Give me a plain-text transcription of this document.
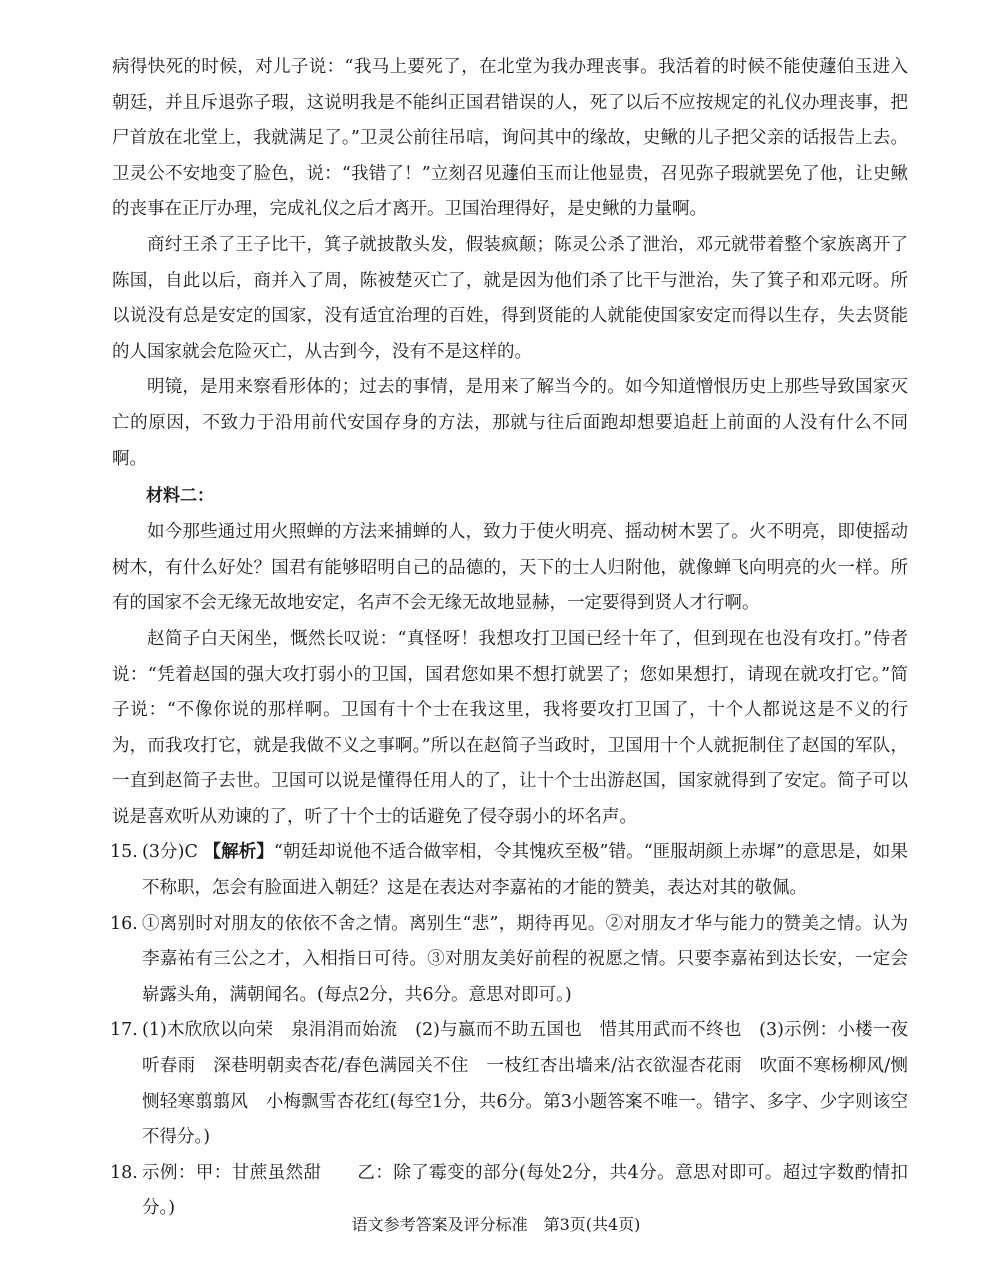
病得快死的时候，对儿子说：“我马上要死了，在北堂为我办理丧事。我活着的时候不能使蘧伯玉进入朝廷，并且斥退弥子瑕，这说明我是不能纠正国君错误的人，死了以后不应按规定的礼仪办理丧事，把尸首放在北堂上，我就满足了。”卫灵公前往吊唁，询问其中的缘故，史鳅的儿子把父亲的话报告上去。卫灵公不安地变了脸色，说：“我错了！”立刻召见蘧伯玉而让他显贵，召见弥子瑕就罢免了他，让史鳅的丧事在正厅办理，完成礼仪之后才离开。卫国治理得好，是史鳅的力量啊。

商纣王杀了王子比干，箕子就披散头发，假装疯颠；陈灵公杀了泄治，邓元就带着整个家族离开了陈国，自此以后，商并入了周，陈被楚灭亡了，就是因为他们杀了比干与泄治，失了箕子和邓元呀。所以说没有总是安定的国家，没有适宜治理的百姓，得到贤能的人就能使国家安定而得以生存，失去贤能的人国家就会危险灭亡，从古到今，没有不是这样的。

明镜，是用来察看形体的；过去的事情，是用来了解当今的。如今知道憎恨历史上那些导致国家灭亡的原因，不致力于沿用前代安国存身的方法，那就与往后面跑却想要追赶上前面的人没有什么不同啊。

材料二：

如今那些通过用火照蝉的方法来捕蝉的人，致力于使火明亮、摇动树木罢了。火不明亮，即使摇动树木，有什么好处？国君有能够昭明自己的品德的，天下的士人归附他，就像蝉飞向明亮的火一样。所有的国家不会无缘无故地安定，名声不会无缘无故地显赫，一定要得到贤人才行啊。

赵简子白天闲坐，慨然长叹说：“真怪呀！我想攻打卫国已经十年了，但到现在也没有攻打。”侍者说：“凭着赵国的强大攻打弱小的卫国，国君您如果不想打就罢了；您如果想打，请现在就攻打它。”简子说：“不像你说的那样啊。卫国有十个士在我这里，我将要攻打卫国了，十个人都说这是不义的行为，而我攻打它，就是我做不义之事啊。”所以在赵简子当政时，卫国用十个人就扼制住了赵国的军队，一直到赵简子去世。卫国可以说是懂得任用人的了，让十个士出游赵国，国家就得到了安定。简子可以说是喜欢听从劝谏的了，听了十个士的话避免了侵夺弱小的坏名声。

15. (3分)C 【解析】“朝廷却说他不适合做宰相，令其愧疚至极”错。“匪服胡颜上赤墀”的意思是，如果不称职，怎会有脸面进入朝廷？这是在表达对李嘉祐的才能的赞美，表达对其的敬佩。
16. ①离别时对朋友的依依不舍之情。离别生“悲”，期待再见。②对朋友才华与能力的赞美之情。认为李嘉祐有三公之才，入相指日可待。③对朋友美好前程的祝愿之情。只要李嘉祐到达长安，一定会崭露头角，满朝闻名。(每点2分，共6分。意思对即可。)
17. (1)木欣欣以向荣　泉涓涓而始流　(2)与嬴而不助五国也　惜其用武而不终也　(3)示例：小楼一夜听春雨　深巷明朝卖杏花/春色满园关不住　一枝红杏出墙来/沾衣欲湿杏花雨　吹面不寒杨柳风/恻恻轻寒翦翦风　小梅飘雪杏花红(每空1分，共6分。第3小题答案不唯一。错字、多字、少字则该空不得分。)
18. 示例：甲：甘蔗虽然甜　　乙：除了霉变的部分(每处2分，共4分。意思对即可。超过字数酌情扣分。)
语文参考答案及评分标准　第3页(共4页)
